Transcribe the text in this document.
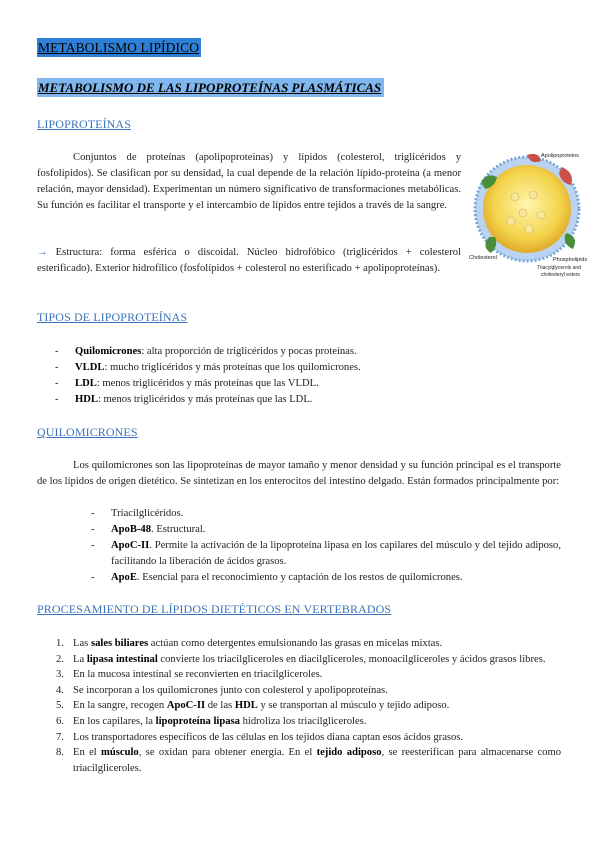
METABOLISMO LIPÍDICO
METABOLISMO DE LAS LIPOPROTEÍNAS PLASMÁTICAS
LIPOPROTEÍNAS
Conjuntos de proteínas (apolipoproteínas) y lípidos (colesterol, triglicéridos y fosfolípidos). Se clasifican por su densidad, la cual depende de la relación lípido-proteína (a menor relación, mayor densidad). Experimentan un número significativo de transformaciones metabólicas. Su función es facilitar el transporte y el intercambio de lípidos entre tejidos a través de la sangre.
→ Estructura: forma esférica o discoidal. Núcleo hidrofóbico (triglicéridos + colesterol esterificado). Exterior hidrofílico (fosfolípidos + colesterol no esterificado + apolipoproteínas).
Apolipoproteins
Cholesterol	Phospholipids
Triacylglycerols and
cholesteryl esters
TIPOS DE LIPOPROTEÍNAS
- Quilomicrones: alta proporción de triglicéridos y pocas proteínas.
- VLDL: mucho triglicéridos y más proteínas que los quilomicrones.
- LDL: menos triglicéridos y más proteínas que las VLDL.
- HDL: menos triglicéridos y más proteínas que las LDL.
QUILOMICRONES
Los quilomicrones son las lipoproteínas de mayor tamaño y menor densidad y su función principal es el transporte de los lípidos de origen dietético. Se sintetizan en los enterocitos del intestino delgado. Están formados principalmente por:
- Triacilglicéridos.
- ApoB-48. Estructural.
- ApoC-II. Permite la activación de la lipoproteína lipasa en los capilares del músculo y del tejido adiposo, facilitando la liberación de ácidos grasos.
- ApoE. Esencial para el reconocimiento y captación de los restos de quilomicrones.
PROCESAMIENTO DE LÍPIDOS DIETÉTICOS EN VERTEBRADOS
1. Las sales biliares actúan como detergentes emulsionando las grasas en micelas mixtas.
2. La lipasa intestinal convierte los triacilgliceroles en diacilgliceroles, monoacilgliceroles y ácidos grasos libres.
3. En la mucosa intestinal se reconvierten en triacilgliceroles.
4. Se incorporan a los quilomicrones junto con colesterol y apolipoproteínas.
5. En la sangre, recogen ApoC-II de las HDL y se transportan al músculo y tejido adiposo.
6. En los capilares, la lipoproteína lipasa hidroliza los triacilgliceroles.
7. Los transportadores específicos de las células en los tejidos diana captan esos ácidos grasos.
8. En el músculo, se oxidan para obtener energía. En el tejido adiposo, se reesterifican para almacenarse como triacilgliceroles.
